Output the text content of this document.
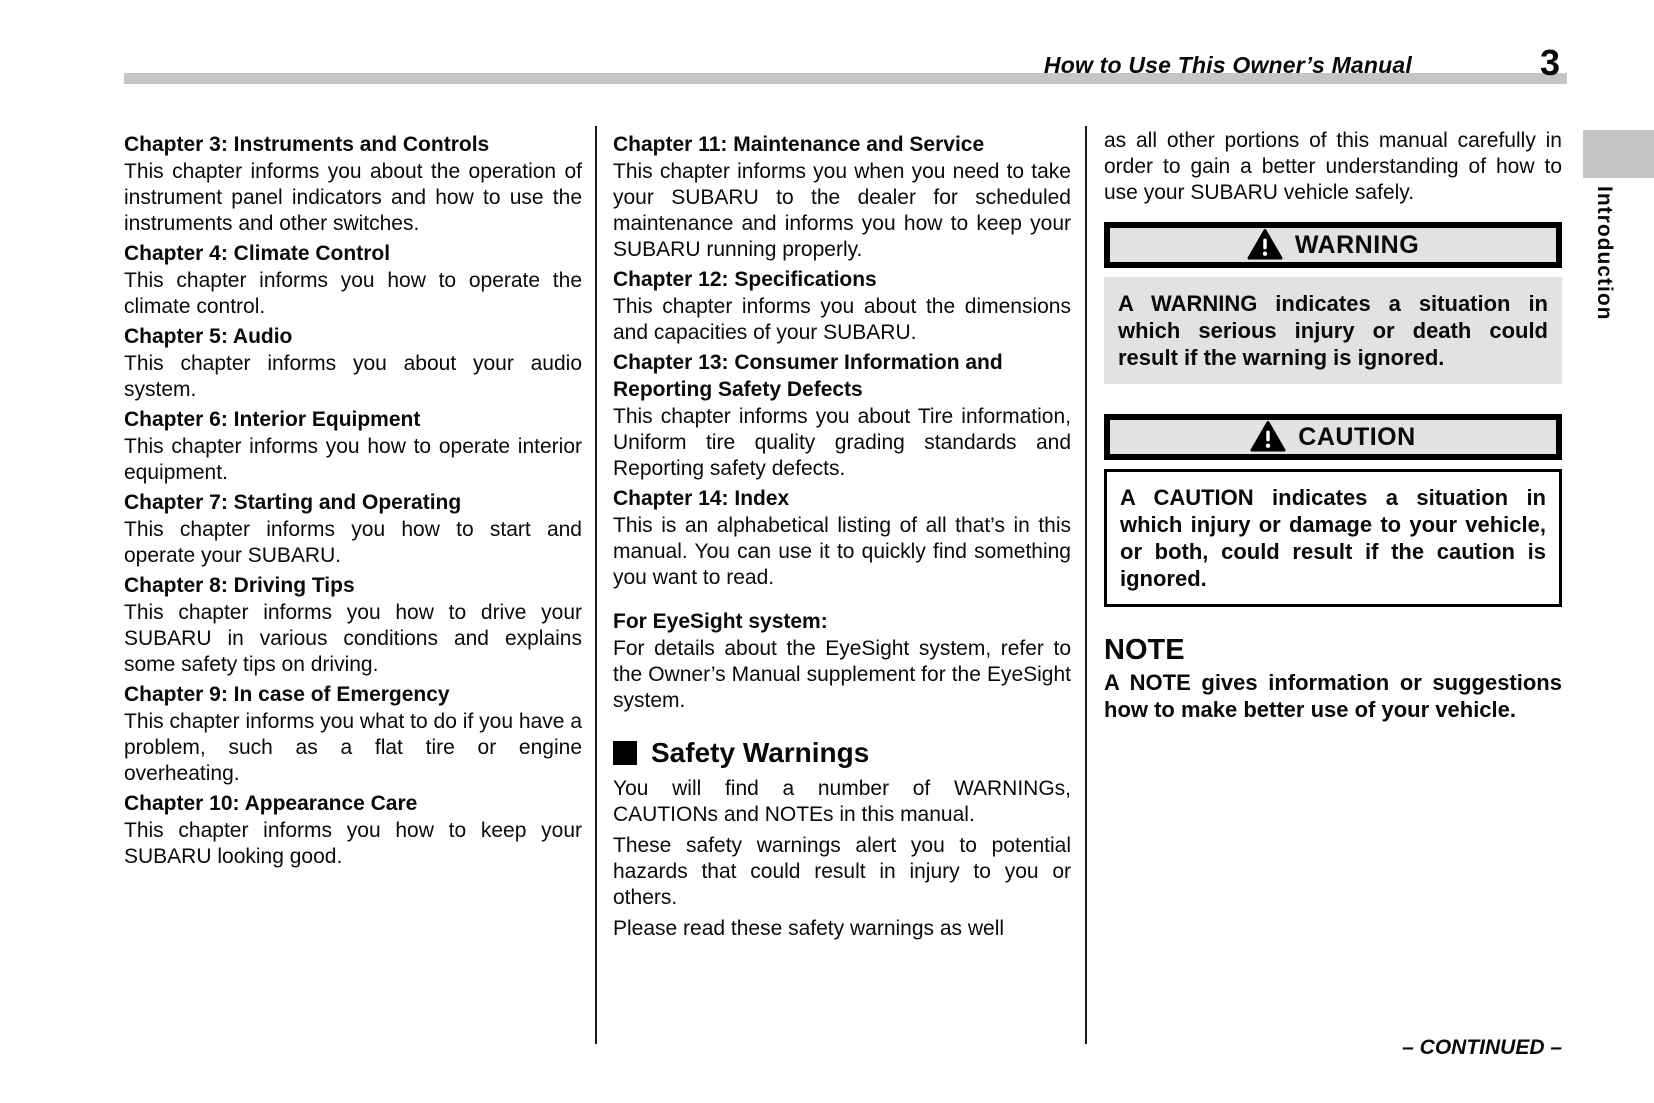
How to Use This Owner’s Manual	3
Introduction
Chapter 3: Instruments and Controls

This chapter informs you about the operation of instrument panel indicators and how to use the instruments and other switches.

Chapter 4: Climate Control

This chapter informs you how to operate the climate control.

Chapter 5: Audio

This chapter informs you about your audio system.

Chapter 6: Interior Equipment

This chapter informs you how to operate interior equipment.

Chapter 7: Starting and Operating

This chapter informs you how to start and operate your SUBARU.

Chapter 8: Driving Tips

This chapter informs you how to drive your SUBARU in various conditions and explains some safety tips on driving.

Chapter 9: In case of Emergency

This chapter informs you what to do if you have a problem, such as a flat tire or engine overheating.

Chapter 10: Appearance Care

This chapter informs you how to keep your SUBARU looking good.

Chapter 11: Maintenance and Service

This chapter informs you when you need to take your SUBARU to the dealer for scheduled maintenance and informs you how to keep your SUBARU running properly.

Chapter 12: Specifications

This chapter informs you about the dimensions and capacities of your SUBARU.

Chapter 13: Consumer Information and Reporting Safety Defects

This chapter informs you about Tire information, Uniform tire quality grading standards and Reporting safety defects.

Chapter 14: Index

This is an alphabetical listing of all that’s in this manual. You can use it to quickly find something you want to read.

For EyeSight system:

For details about the EyeSight system, refer to the Owner’s Manual supplement for the EyeSight system.

Safety Warnings

You will find a number of WARNINGs, CAUTIONs and NOTEs in this manual.

These safety warnings alert you to potential hazards that could result in injury to you or others.

Please read these safety warnings as well

as all other portions of this manual carefully in order to gain a better understanding of how to use your SUBARU vehicle safely.

WARNING
A WARNING indicates a situation in which serious injury or death could result if the warning is ignored.
CAUTION
A CAUTION indicates a situation in which injury or damage to your vehicle, or both, could result if the caution is ignored.
NOTE

A NOTE gives information or suggestions how to make better use of your vehicle.

– CONTINUED –
